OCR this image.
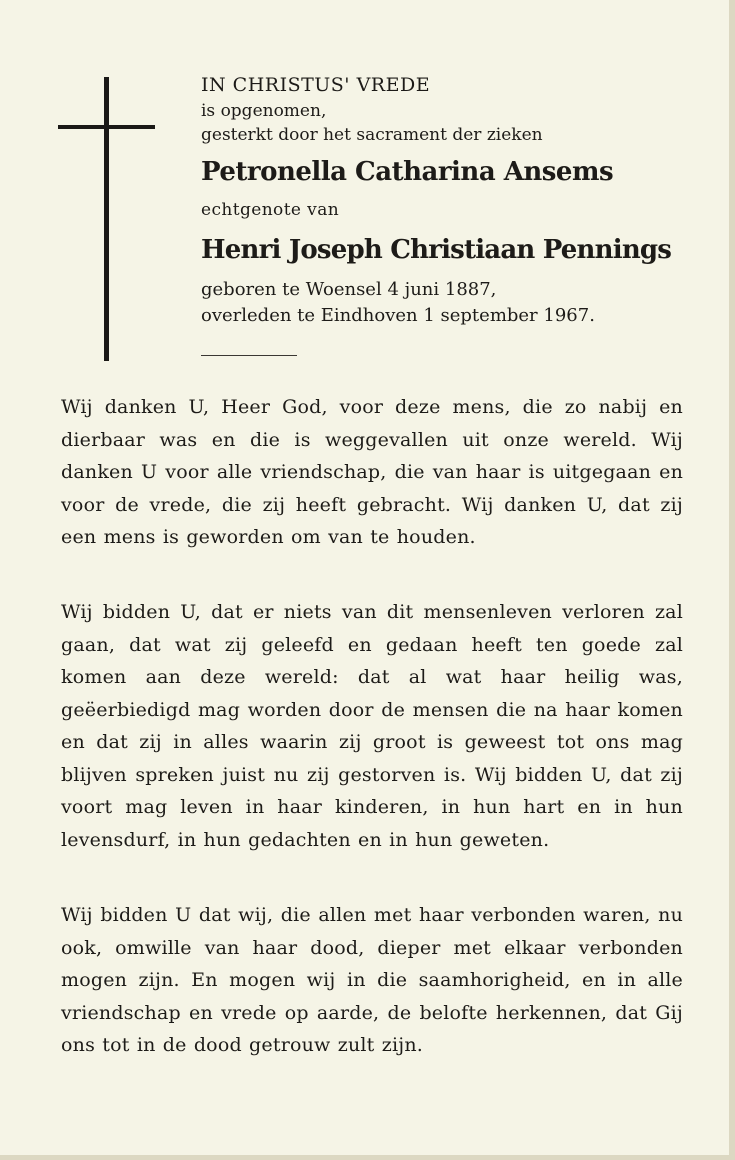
IN CHRISTUS' VREDE
is opgenomen,
gesterkt door het sacrament der zieken
Petronella Catharina Ansems
echtgenote van
Henri Joseph Christiaan Pennings
geboren te Woensel 4 juni 1887,
overleden te Eindhoven 1 september 1967.
Wij danken U, Heer God, voor deze mens, die zo nabij en dierbaar was en die is weggevallen uit onze wereld. Wij danken U voor alle vriendschap, die van haar is uitgegaan en voor de vrede, die zij heeft gebracht. Wij danken U, dat zij een mens is geworden om van te houden.
Wij bidden U, dat er niets van dit mensenleven verloren zal gaan, dat wat zij geleefd en gedaan heeft ten goede zal komen aan deze wereld: dat al wat haar heilig was, geëerbiedigd mag worden door de mensen die na haar komen en dat zij in alles waarin zij groot is geweest tot ons mag blijven spreken juist nu zij gestorven is. Wij bidden U, dat zij voort mag leven in haar kinderen, in hun hart en in hun levensdurf, in hun gedachten en in hun geweten.
Wij bidden U dat wij, die allen met haar verbonden waren, nu ook, omwille van haar dood, dieper met elkaar verbonden mogen zijn. En mogen wij in die saamhorigheid, en in alle vriendschap en vrede op aarde, de belofte herkennen, dat Gij ons tot in de dood getrouw zult zijn.
